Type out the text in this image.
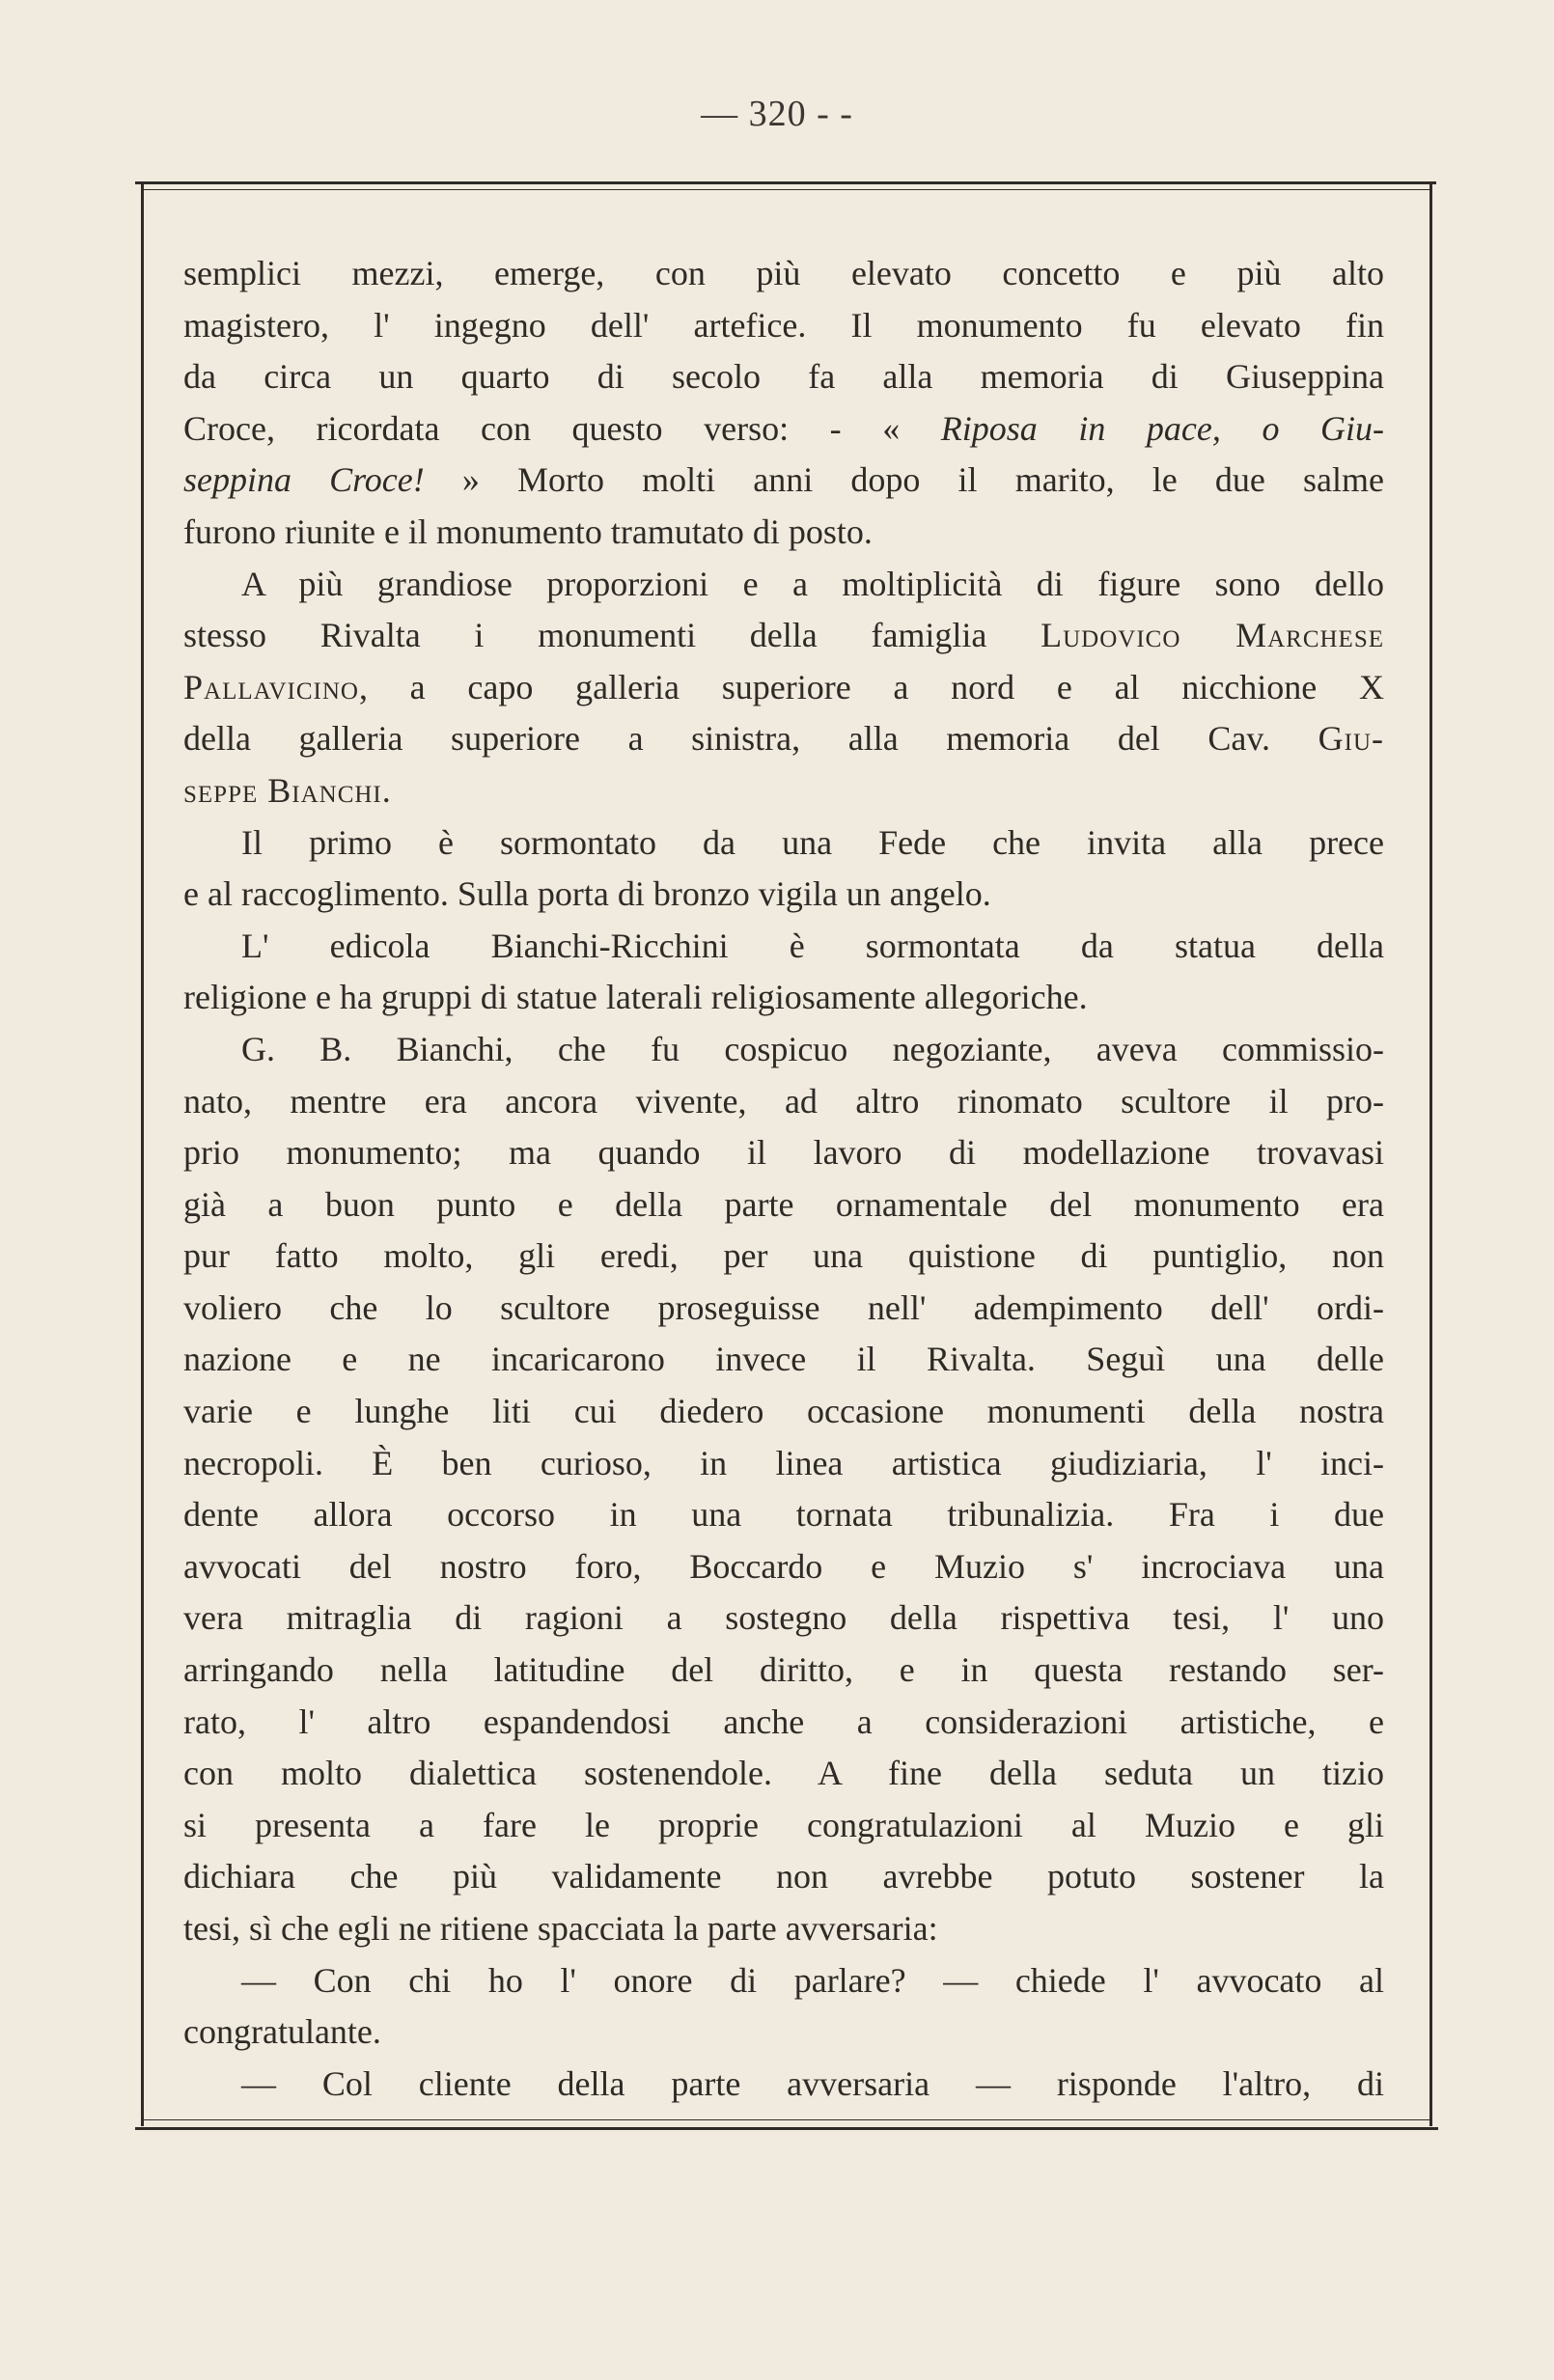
— 320 - -
semplici mezzi, emerge, con più elevato concetto e più alto
magistero, l' ingegno dell' artefice. Il monumento fu elevato fin
da circa un quarto di secolo fa alla memoria di Giuseppina
Croce, ricordata con questo verso: - « Riposa in pace, o Giu-
seppina Croce! » Morto molti anni dopo il marito, le due salme
furono riunite e il monumento tramutato di posto.
A più grandiose proporzioni e a moltiplicità di figure sono dello
stesso Rivalta i monumenti della famiglia Ludovico Marchese
Pallavicino, a capo galleria superiore a nord e al nicchione X
della galleria superiore a sinistra, alla memoria del Cav. Giu-
seppe Bianchi.
Il primo è sormontato da una Fede che invita alla prece
e al raccoglimento. Sulla porta di bronzo vigila un angelo.
L' edicola Bianchi-Ricchini è sormontata da statua della
religione e ha gruppi di statue laterali religiosamente allegoriche.
G. B. Bianchi, che fu cospicuo negoziante, aveva commissio-
nato, mentre era ancora vivente, ad altro rinomato scultore il pro-
prio monumento; ma quando il lavoro di modellazione trovavasi
già a buon punto e della parte ornamentale del monumento era
pur fatto molto, gli eredi, per una quistione di puntiglio, non
voliero che lo scultore proseguisse nell' adempimento dell' ordi-
nazione e ne incaricarono invece il Rivalta. Seguì una delle
varie e lunghe liti cui diedero occasione monumenti della nostra
necropoli. È ben curioso, in linea artistica giudiziaria, l' inci-
dente allora occorso in una tornata tribunalizia. Fra i due
avvocati del nostro foro, Boccardo e Muzio s' incrociava una
vera mitraglia di ragioni a sostegno della rispettiva tesi, l' uno
arringando nella latitudine del diritto, e in questa restando ser-
rato, l' altro espandendosi anche a considerazioni artistiche, e
con molto dialettica sostenendole. A fine della seduta un tizio
si presenta a fare le proprie congratulazioni al Muzio e gli
dichiara che più validamente non avrebbe potuto sostener la
tesi, sì che egli ne ritiene spacciata la parte avversaria:
— Con chi ho l' onore di parlare? — chiede l' avvocato al
congratulante.
— Col cliente della parte avversaria — risponde l'altro, di
